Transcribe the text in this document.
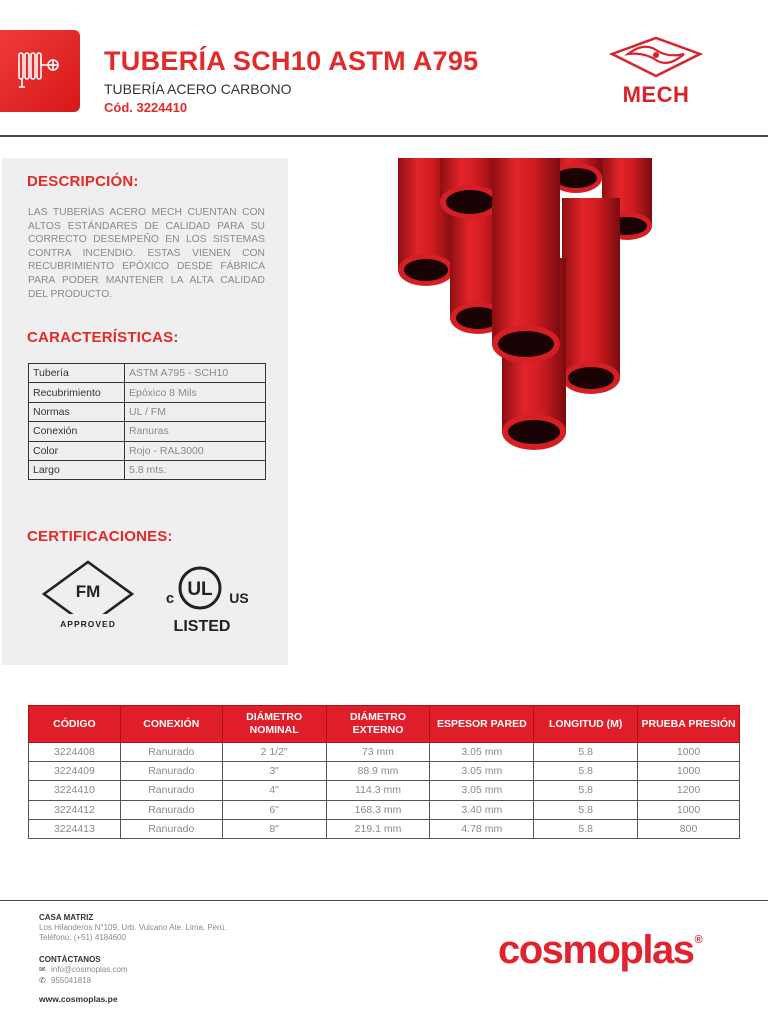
TUBERÍA SCH10 ASTM A795
TUBERÍA ACERO CARBONO
Cód. 3224410
MECH
DESCRIPCIÓN:
LAS TUBERÍAS ACERO MECH CUENTAN CON ALTOS ESTÁNDARES DE CALIDAD PARA SU CORRECTO DESEMPEÑO EN LOS SISTEMAS CONTRA INCENDIO. ESTAS VIENEN CON RECUBRIMIENTO EPÓXICO DESDE FÁBRICA PARA PODER MANTENER LA ALTA CALIDAD DEL PRODUCTO.
CARACTERÍSTICAS:
Tubería	ASTM A795 - SCH10
Recubrimiento	Epóxico 8 Mils
Normas	UL / FM
Conexión	Ranuras
Color	Rojo - RAL3000
Largo	5.8 mts.
CERTIFICACIONES:
FM
APPROVED
c UL US
LISTED
CÓDIGO	CONEXIÓN	DIÁMETRO NOMINAL	DIÁMETRO EXTERNO	ESPESOR PARED	LONGITUD (M)	PRUEBA PRESIÓN
3224408	Ranurado	2 1/2"	73 mm	3.05 mm	5.8	1000
3224409	Ranurado	3"	88.9 mm	3.05 mm	5.8	1000
3224410	Ranurado	4"	114.3 mm	3.05 mm	5.8	1200
3224412	Ranurado	6"	168.3 mm	3.40 mm	5.8	1000
3224413	Ranurado	8"	219.1 mm	4.78 mm	5.8	800
CASA MATRIZ
Los Hilanderos N°109, Urb. Vulcano Ate. Lima, Perú.
Teléfono: (+51) 4184600
CONTÁCTANOS
✉ info@cosmoplas.com
✆ 955041818
www.cosmoplas.pe
cosmoplas®
